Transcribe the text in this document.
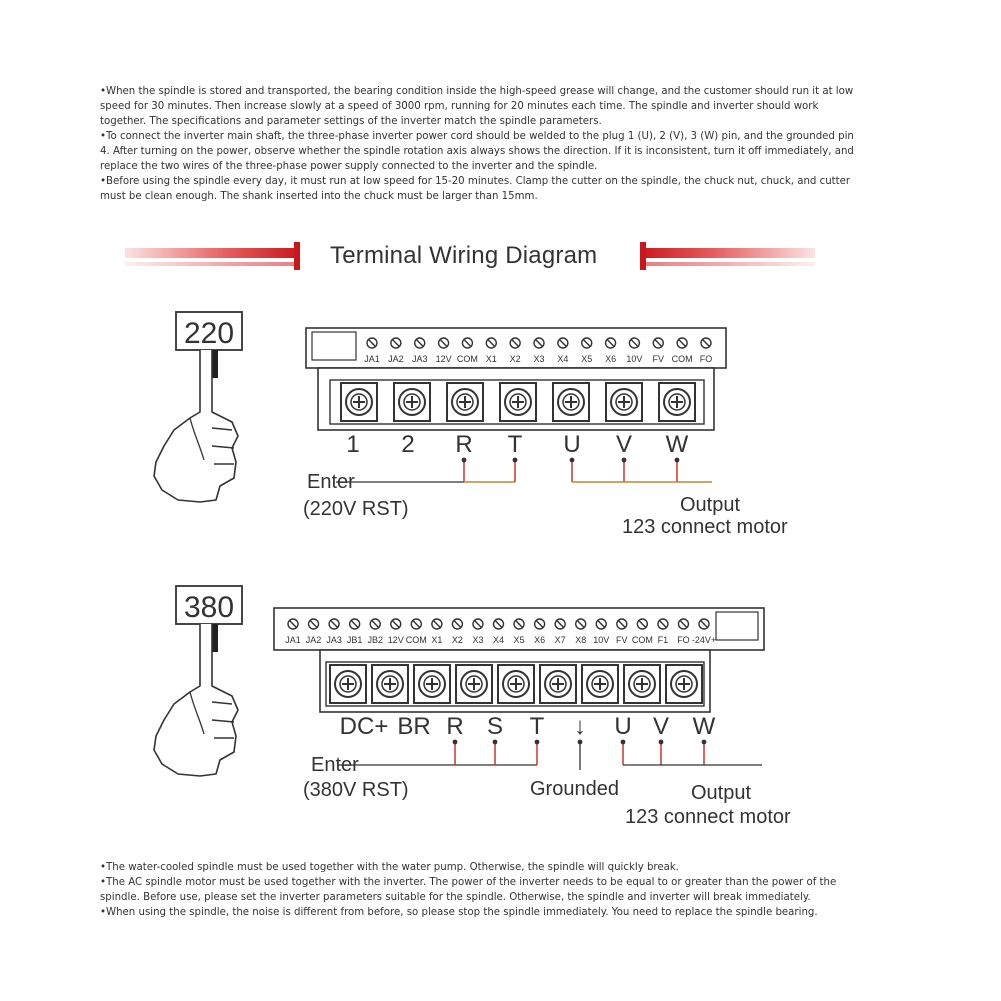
•When the spindle is stored and transported, the bearing condition inside the high-speed grease will change, and the customer should run it at low speed for 30 minutes. Then increase slowly at a speed of 3000 rpm, running for 20 minutes each time. The spindle and inverter should work together. The specifications and parameter settings of the inverter match the spindle parameters.

•To connect the inverter main shaft, the three-phase inverter power cord should be welded to the plug 1 (U), 2 (V), 3 (W) pin, and the grounded pin 4. After turning on the power, observe whether the spindle rotation axis always shows the direction. If it is inconsistent, turn it off immediately, and replace the two wires of the three-phase power supply connected to the inverter and the spindle.

•Before using the spindle every day, it must run at low speed for 15-20 minutes. Clamp the cutter on the spindle, the chuck nut, chuck, and cutter must be clean enough. The shank inserted into the chuck must be larger than 15mm.

220
JA1 JA2 JA3 12V COM X1 X2 X3 X4 X5 X6 10V FV COM FO
1 2 R T U V W
Enter
(220V RST)	Output
123 connect motor
380
JA1 JA2 JA3 JB1 JB2 12V COM X1 X2 X3 X4 X5 X6 X7 X8 10V FV COM F1 FO -24V+
DC+ BR R S T ↓ U V W
Enter
(380V RST)	Grounded	Output
123 connect motor
Terminal Wiring Diagram

•The water-cooled spindle must be used together with the water pump. Otherwise, the spindle will quickly break.

•The AC spindle motor must be used together with the inverter. The power of the inverter needs to be equal to or greater than the power of the spindle. Before use, please set the inverter parameters suitable for the spindle. Otherwise, the spindle and inverter will break immediately.

•When using the spindle, the noise is different from before, so please stop the spindle immediately. You need to replace the spindle bearing.
